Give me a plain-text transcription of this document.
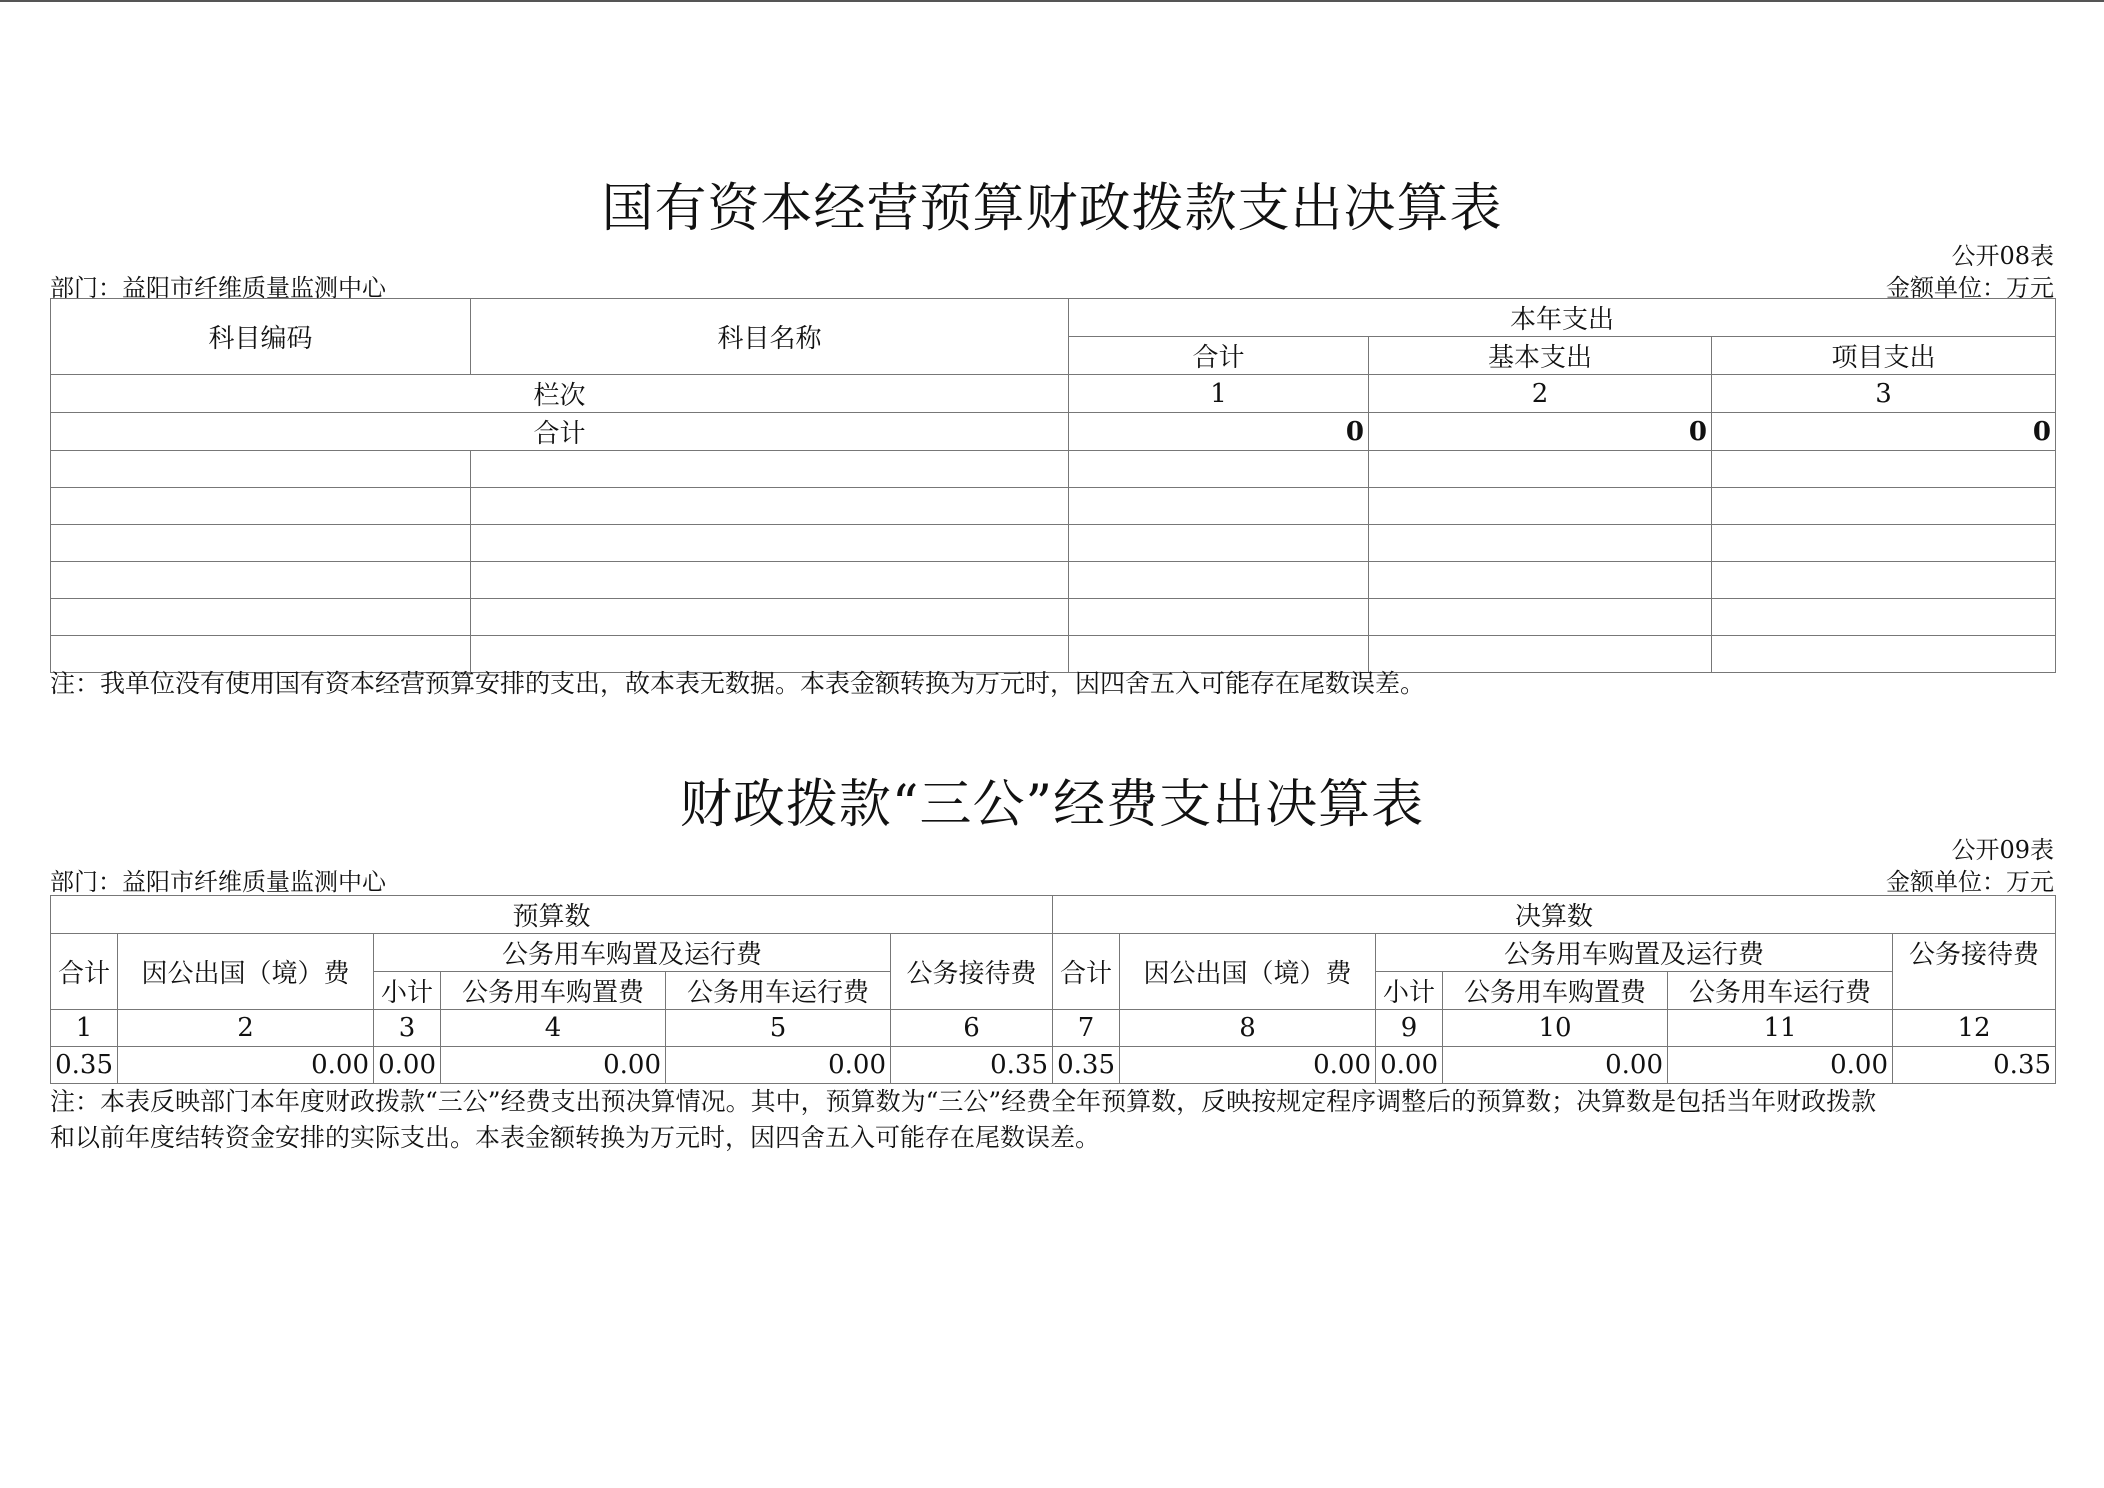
国有资本经营预算财政拨款支出决算表
公开08表
部门：益阳市纤维质量监测中心	金额单位：万元
科目编码	科目名称	本年支出		
		合计	基本支出	项目支出
栏次		1	2	3
合计		0	0	0

注：我单位没有使用国有资本经营预算安排的支出，故本表无数据。本表金额转换为万元时，因四舍五入可能存在尾数误差。
财政拨款“三公”经费支出决算表
公开09表
部门：益阳市纤维质量监测中心	金额单位：万元
预算数						决算数					
合计	因公出国（境）费	公务用车购置及运行费			公务接待费	合计	因公出国（境）费	公务用车购置及运行费			公务接待费
		小计	公务用车购置费	公务用车运行费				小计	公务用车购置费	公务用车运行费	
1	2	3	4	5	6	7	8	9	10	11	12
0.35	0.00	0.00	0.00	0.00	0.35	0.35	0.00	0.00	0.00	0.00	0.35
注：本表反映部门本年度财政拨款“三公”经费支出预决算情况。其中，预算数为“三公”经费全年预算数，反映按规定程序调整后的预算数；决算数是包括当年财政拨款
和以前年度结转资金安排的实际支出。本表金额转换为万元时，因四舍五入可能存在尾数误差。
